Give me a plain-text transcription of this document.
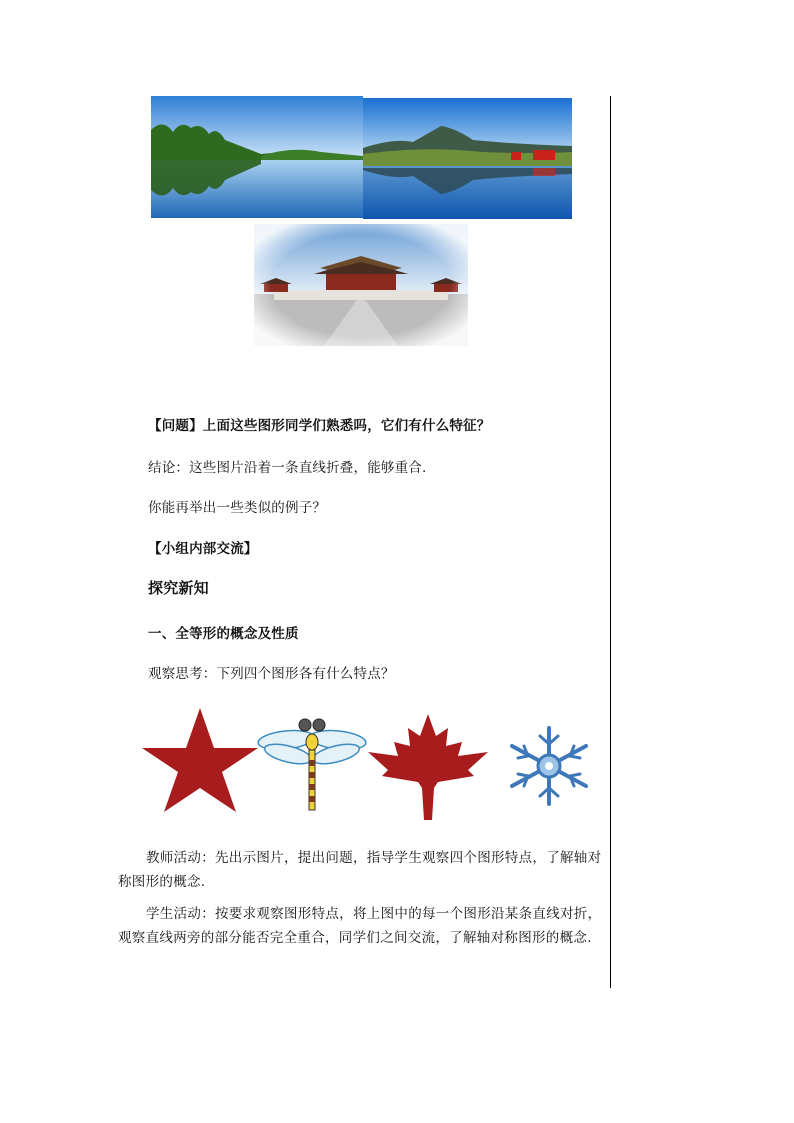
【问题】上面这些图形同学们熟悉吗，它们有什么特征？
结论：这些图片沿着一条直线折叠，能够重合.
你能再举出一些类似的例子？
【小组内部交流】
探究新知
一、全等形的概念及性质
观察思考：下列四个图形各有什么特点？
教师活动：先出示图片，提出问题，指导学生观察四个图形特点，了解轴对称图形的概念.
学生活动：按要求观察图形特点，将上图中的每一个图形沿某条直线对折，观察直线两旁的部分能否完全重合，同学们之间交流，了解轴对称图形的概念.
